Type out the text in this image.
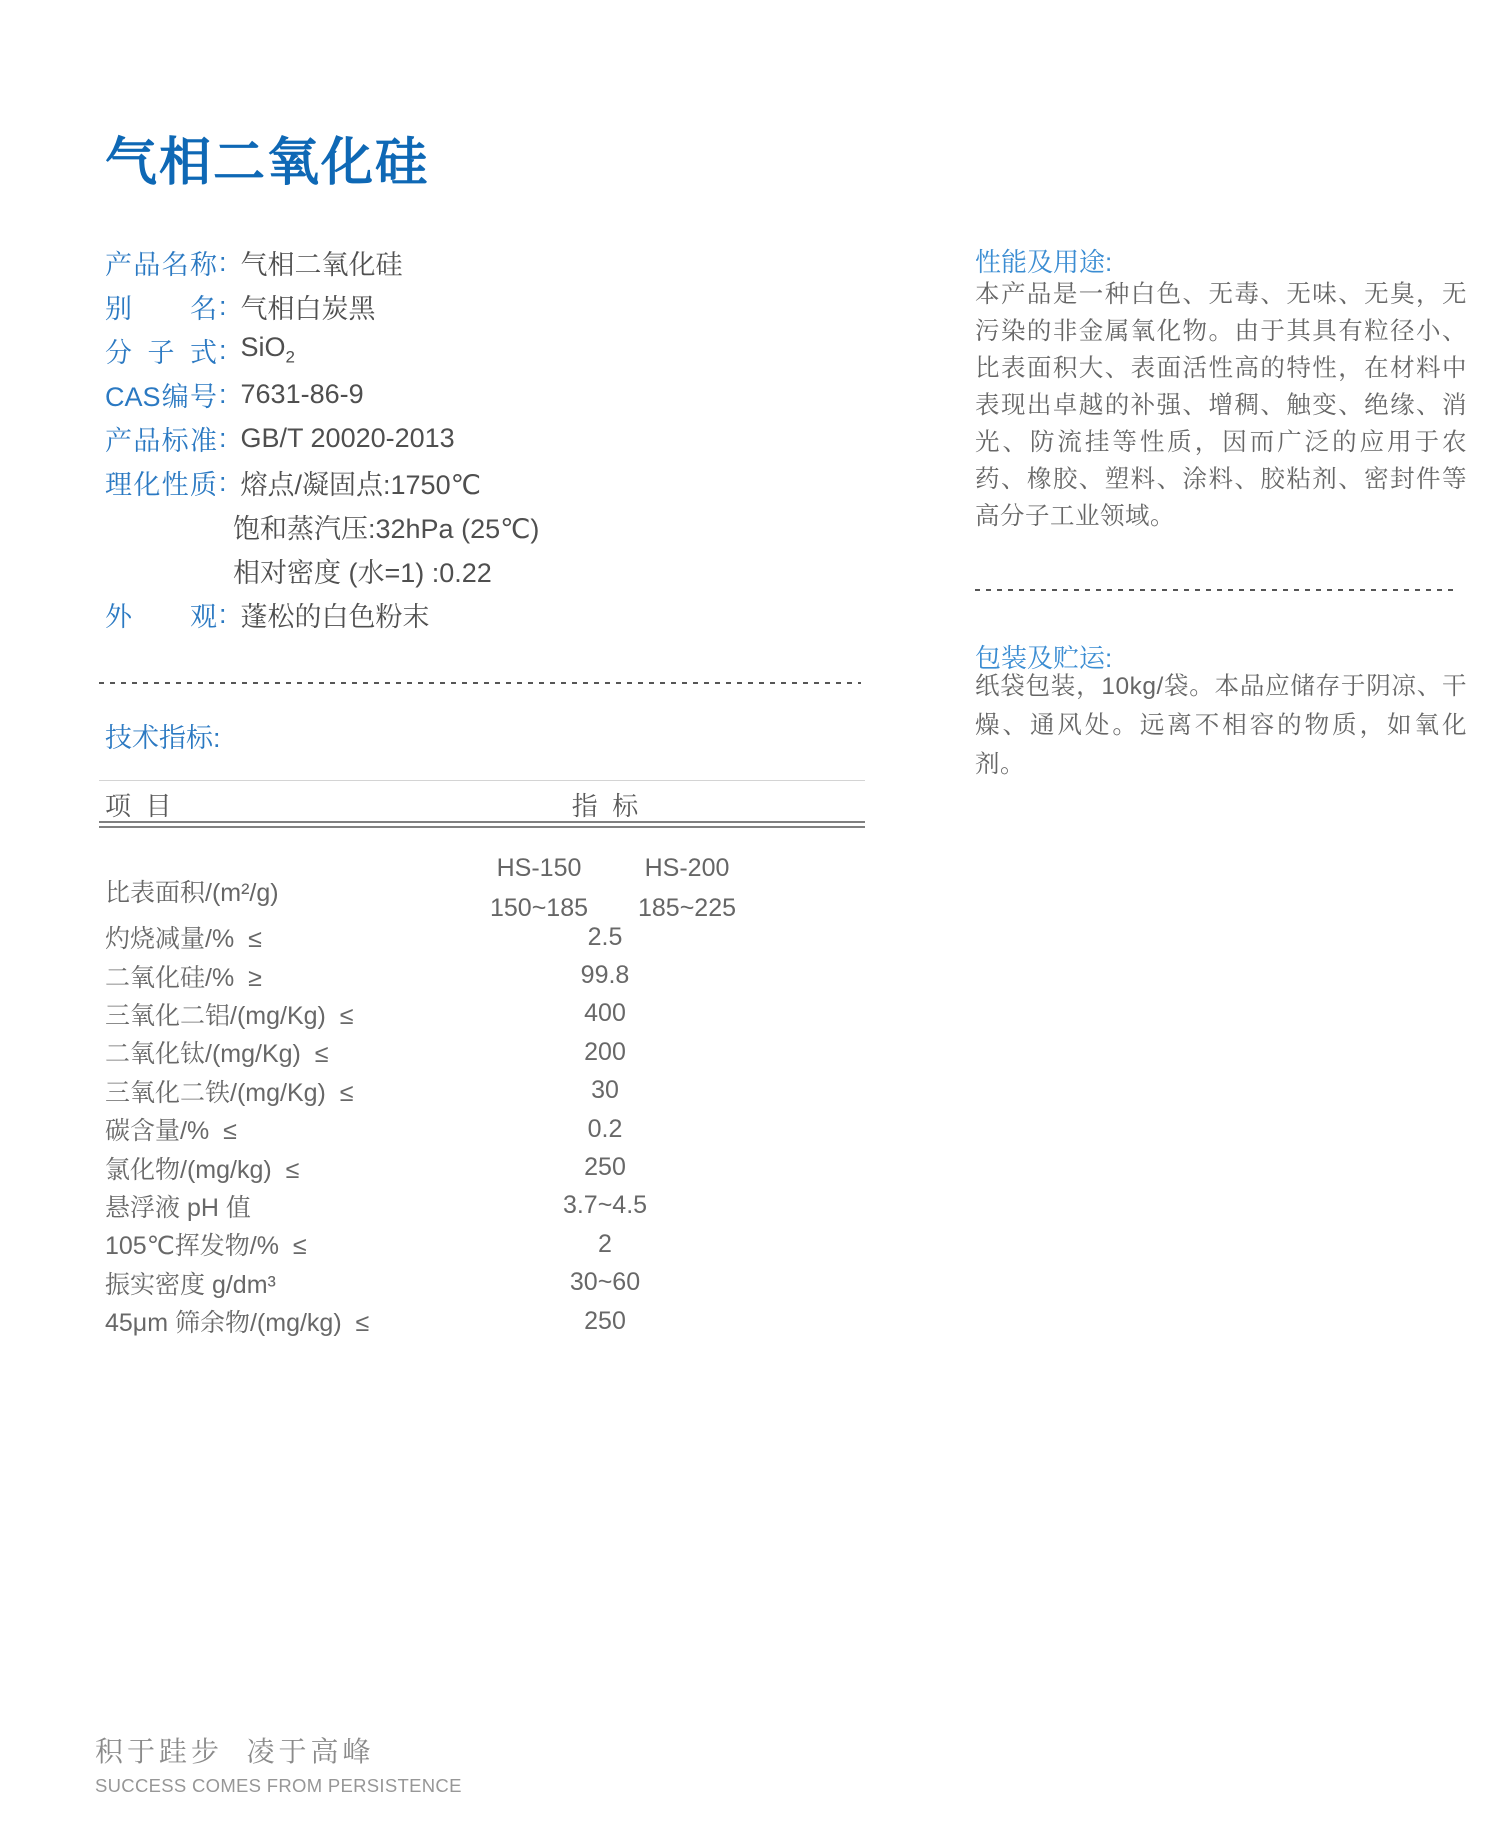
气相二氧化硅
产品名称 : 气相二氧化硅
别名 : 气相白炭黑
分子式 : SiO$_2$
CAS编号 : 7631-86-9
产品标准 : GB/T 20020-2013
理化性质 : 熔点/凝固点:1750℃
饱和蒸汽压:32hPa (25℃)
相对密度 (水=1) :0.22
外观 : 蓬松的白色粉末
技术指标:
项  目	指  标
比表面积/(m²/g)
HS-150	HS-200
150~185 185~225
灼烧减量/%  ≤	2.5
二氧化硅/%  ≥	99.8
三氧化二铝/(mg/Kg)  ≤	400
二氧化钛/(mg/Kg)  ≤	200
三氧化二铁/(mg/Kg)  ≤	30
碳含量/%  ≤	0.2
氯化物/(mg/kg)  ≤	250
悬浮液 pH 值	3.7~4.5
105℃挥发物/%  ≤	2
振实密度 g/dm³	30~60
45μm 筛余物/(mg/kg)  ≤	250
性能及用途:
本产品是一种白色、无毒、无味、无臭，无污染的非金属氧化物。由于其具有粒径小、比表面积大、表面活性高的特性，在材料中表现出卓越的补强、增稠、触变、绝缘、消光、防流挂等性质，因而广泛的应用于农药、橡胶、塑料、涂料、胶粘剂、密封件等高分子工业领域。
包装及贮运:
纸袋包装，10kg/袋。本品应储存于阴凉、干燥、通风处。远离不相容的物质，如氧化剂。
积于跬步  凌于高峰
SUCCESS COMES FROM PERSISTENCE
